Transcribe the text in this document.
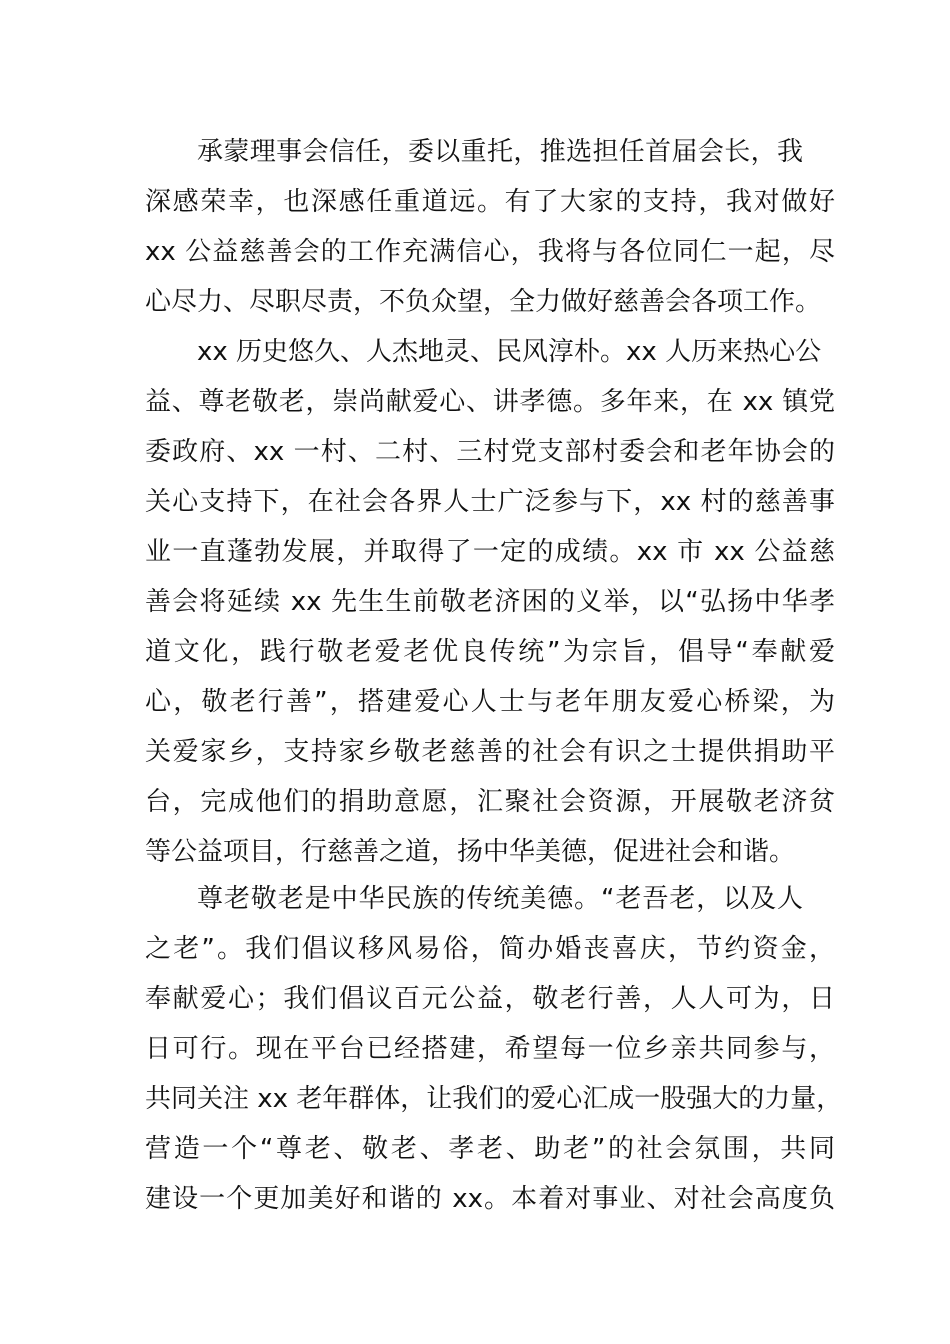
承蒙理事会信任，委以重托，推选担任首届会长，我
深感荣幸，也深感任重道远。有了大家的支持，我对做好
xx 公益慈善会的工作充满信心，我将与各位同仁一起，尽
心尽力、尽职尽责，不负众望，全力做好慈善会各项工作。
xx 历史悠久、人杰地灵、民风淳朴。xx 人历来热心公
益、尊老敬老，崇尚献爱心、讲孝德。多年来，在 xx 镇党
委政府、xx 一村、二村、三村党支部村委会和老年协会的
关心支持下，在社会各界人士广泛参与下，xx 村的慈善事
业一直蓬勃发展，并取得了一定的成绩。xx 市 xx 公益慈
善会将延续 xx 先生生前敬老济困的义举，以“弘扬中华孝
道文化，践行敬老爱老优良传统”为宗旨，倡导“奉献爱
心，敬老行善”，搭建爱心人士与老年朋友爱心桥梁，为
关爱家乡，支持家乡敬老慈善的社会有识之士提供捐助平
台，完成他们的捐助意愿，汇聚社会资源，开展敬老济贫
等公益项目，行慈善之道，扬中华美德，促进社会和谐。
尊老敬老是中华民族的传统美德。“老吾老，以及人
之老”。我们倡议移风易俗，简办婚丧喜庆，节约资金，
奉献爱心；我们倡议百元公益，敬老行善，人人可为，日
日可行。现在平台已经搭建，希望每一位乡亲共同参与，
共同关注 xx 老年群体，让我们的爱心汇成一股强大的力量，
营造一个“尊老、敬老、孝老、助老”的社会氛围，共同
建设一个更加美好和谐的 xx。本着对事业、对社会高度负
